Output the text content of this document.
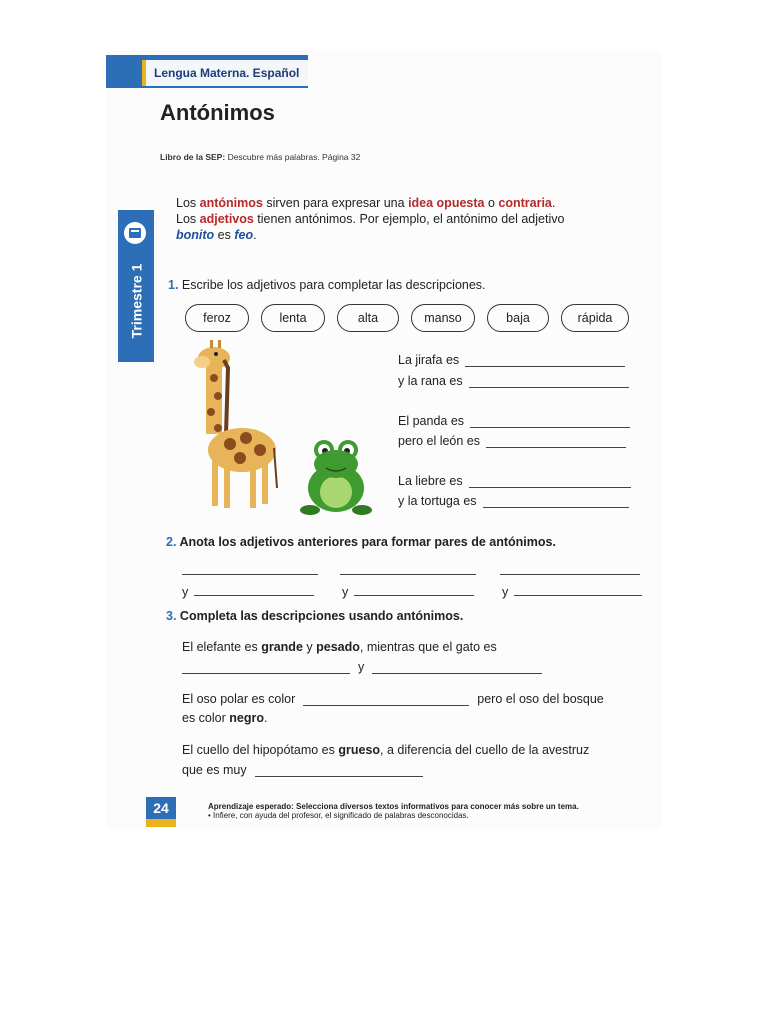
Lengua Materna. Español
Antónimos
Libro de la SEP: Descubre más palabras. Página 32
Trimestre 1
Los antónimos sirven para expresar una idea opuesta o contraria.
Los adjetivos tienen antónimos. Por ejemplo, el antónimo del adjetivo
bonito es feo.
1. Escribe los adjetivos para completar las descripciones.
feroz	lenta	alta	manso	baja	rápida
La jirafa es
y la rana es
El panda es
pero el león es
La liebre es
y la tortuga es
2. Anota los adjetivos anteriores para formar pares de antónimos.
y	y	y
3. Completa las descripciones usando antónimos.
El elefante es grande y pesado, mientras que el gato es
y
El oso polar es color	pero el oso del bosque
es color negro.
El cuello del hipopótamo es grueso, a diferencia del cuello de la avestruz
que es muy
24	Aprendizaje esperado: Selecciona diversos textos informativos para conocer más sobre un tema.
• Infiere, con ayuda del profesor, el significado de palabras desconocidas.
